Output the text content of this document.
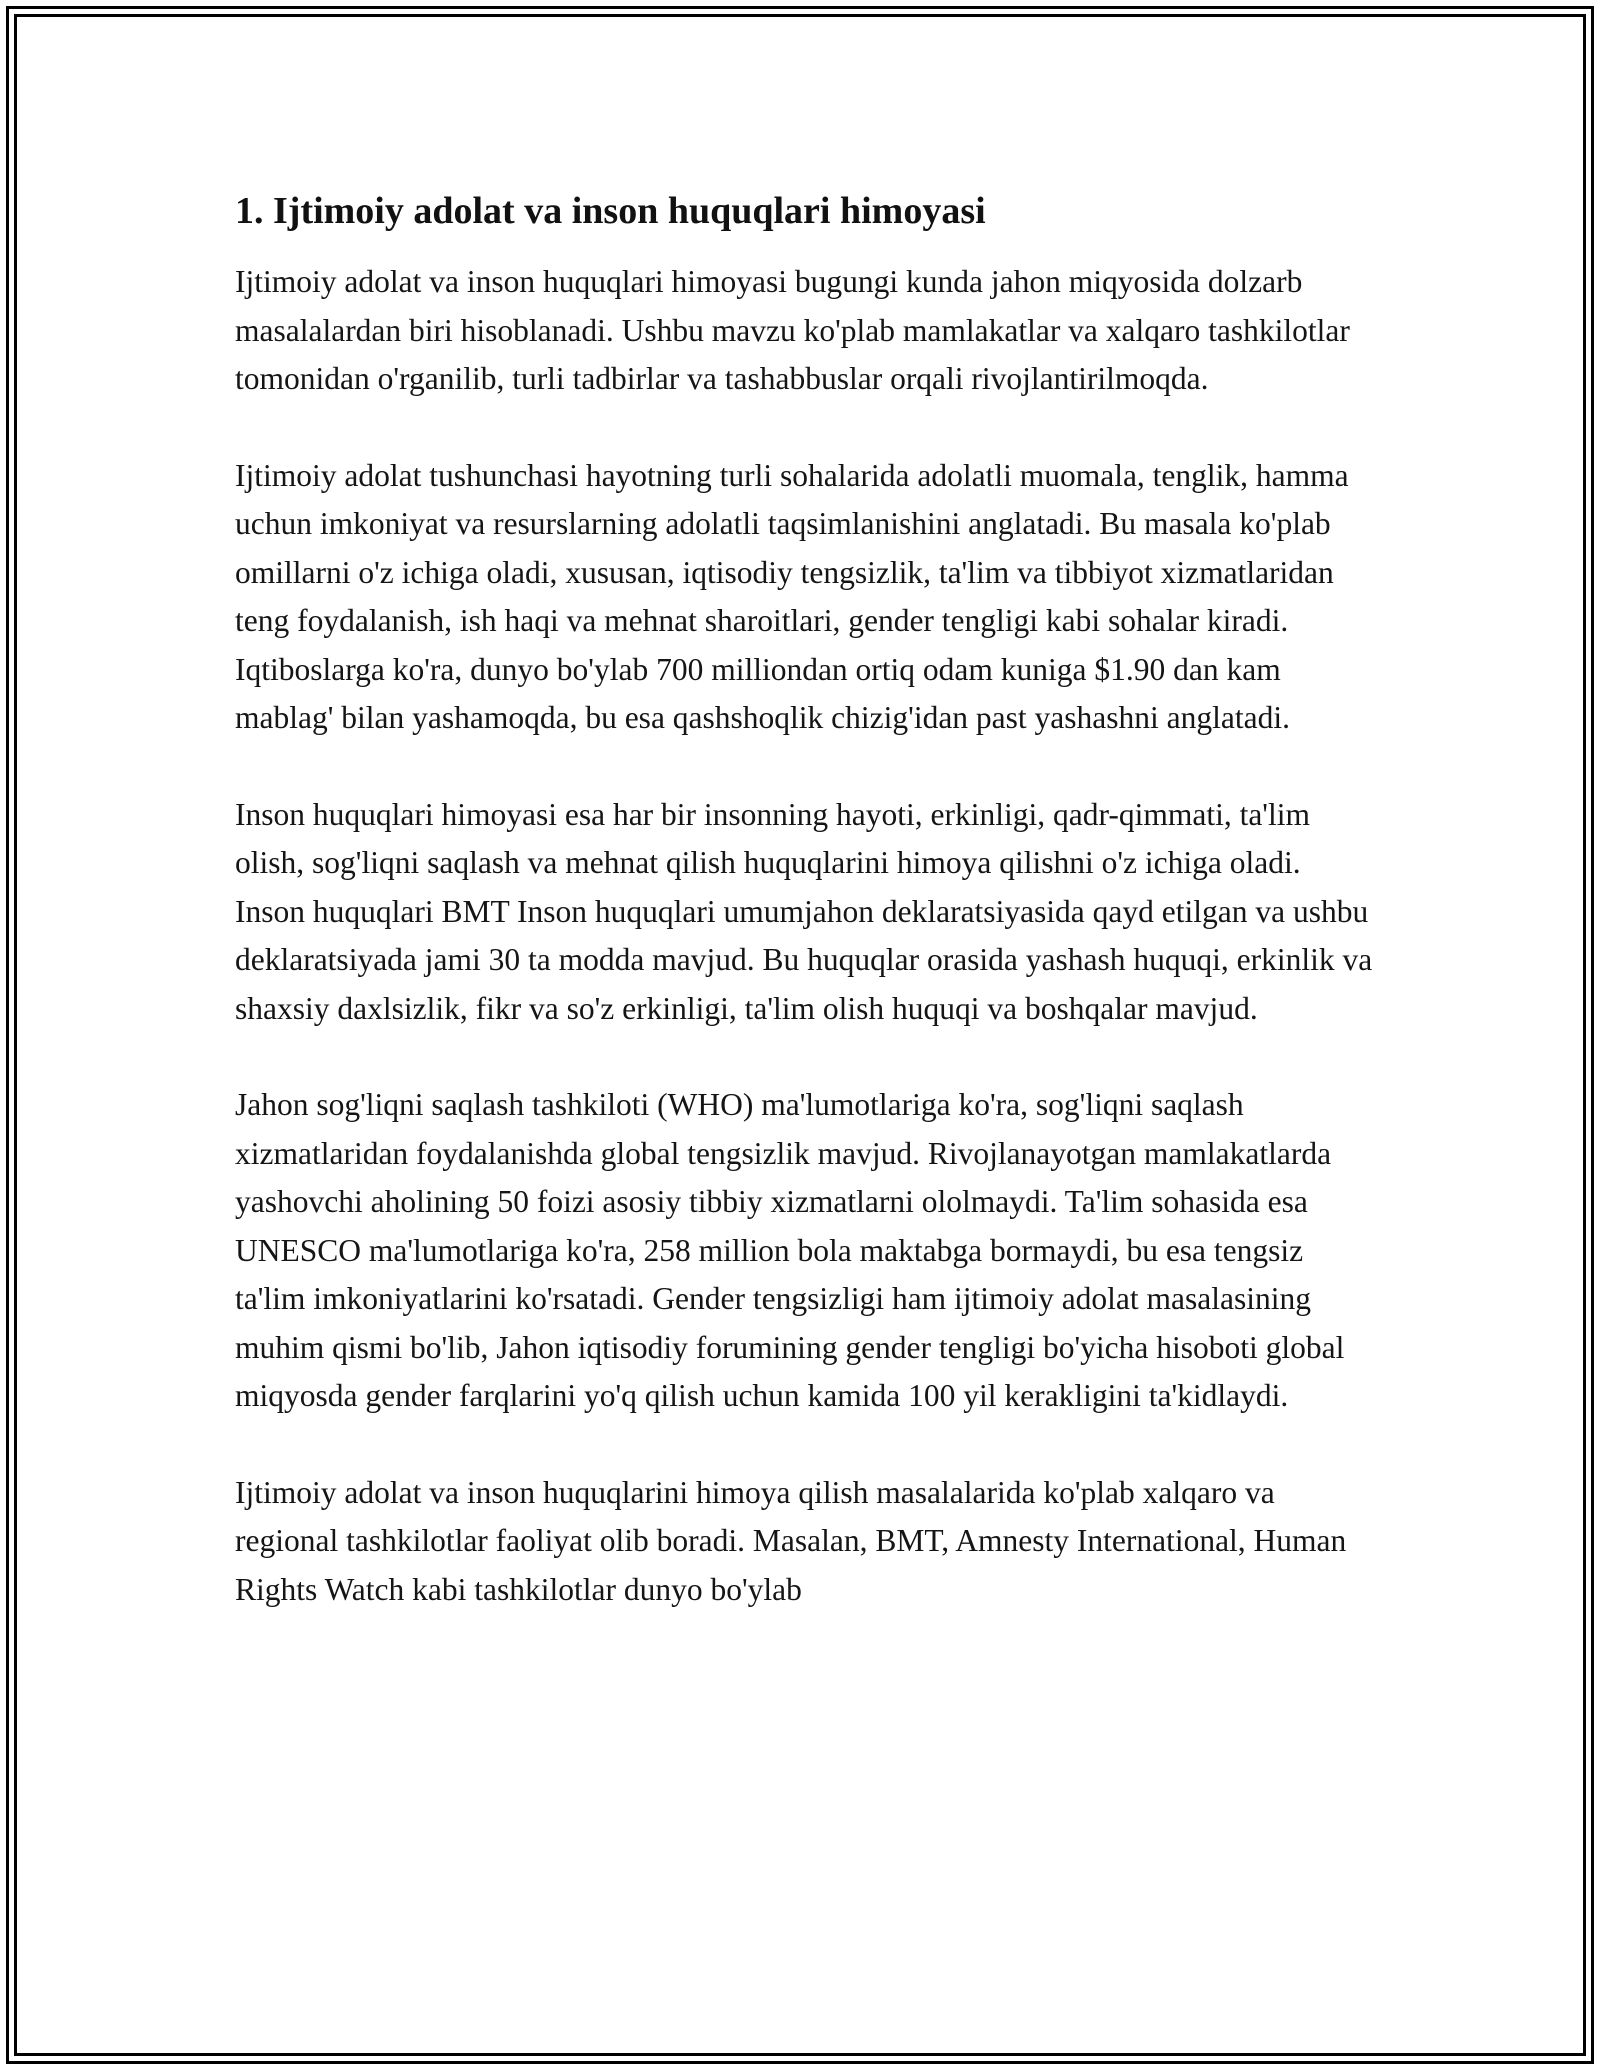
1. Ijtimoiy adolat va inson huquqlari himoyasi

Ijtimoiy adolat va inson huquqlari himoyasi bugungi kunda jahon miqyosida dolzarb masalalardan biri hisoblanadi. Ushbu mavzu ko'plab mamlakatlar va xalqaro tashkilotlar tomonidan o'rganilib, turli tadbirlar va tashabbuslar orqali rivojlantirilmoqda.

Ijtimoiy adolat tushunchasi hayotning turli sohalarida adolatli muomala, tenglik, hamma uchun imkoniyat va resurslarning adolatli taqsimlanishini anglatadi. Bu masala ko'plab omillarni o'z ichiga oladi, xususan, iqtisodiy tengsizlik, ta'lim va tibbiyot xizmatlaridan teng foydalanish, ish haqi va mehnat sharoitlari, gender tengligi kabi sohalar kiradi. Iqtiboslarga ko'ra, dunyo bo'ylab 700 milliondan ortiq odam kuniga $1.90 dan kam mablag' bilan yashamoqda, bu esa qashshoqlik chizig'idan past yashashni anglatadi.

Inson huquqlari himoyasi esa har bir insonning hayoti, erkinligi, qadr-qimmati, ta'lim olish, sog'liqni saqlash va mehnat qilish huquqlarini himoya qilishni o'z ichiga oladi. Inson huquqlari BMT Inson huquqlari umumjahon deklaratsiyasida qayd etilgan va ushbu deklaratsiyada jami 30 ta modda mavjud. Bu huquqlar orasida yashash huquqi, erkinlik va shaxsiy daxlsizlik, fikr va so'z erkinligi, ta'lim olish huquqi va boshqalar mavjud.

Jahon sog'liqni saqlash tashkiloti (WHO) ma'lumotlariga ko'ra, sog'liqni saqlash xizmatlaridan foydalanishda global tengsizlik mavjud. Rivojlanayotgan mamlakatlarda yashovchi aholining 50 foizi asosiy tibbiy xizmatlarni ololmaydi. Ta'lim sohasida esa UNESCO ma'lumotlariga ko'ra, 258 million bola maktabga bormaydi, bu esa tengsiz ta'lim imkoniyatlarini ko'rsatadi. Gender tengsizligi ham ijtimoiy adolat masalasining muhim qismi bo'lib, Jahon iqtisodiy forumining gender tengligi bo'yicha hisoboti global miqyosda gender farqlarini yo'q qilish uchun kamida 100 yil kerakligini ta'kidlaydi.

Ijtimoiy adolat va inson huquqlarini himoya qilish masalalarida ko'plab xalqaro va regional tashkilotlar faoliyat olib boradi. Masalan, BMT, Amnesty International, Human Rights Watch kabi tashkilotlar dunyo bo'ylab
